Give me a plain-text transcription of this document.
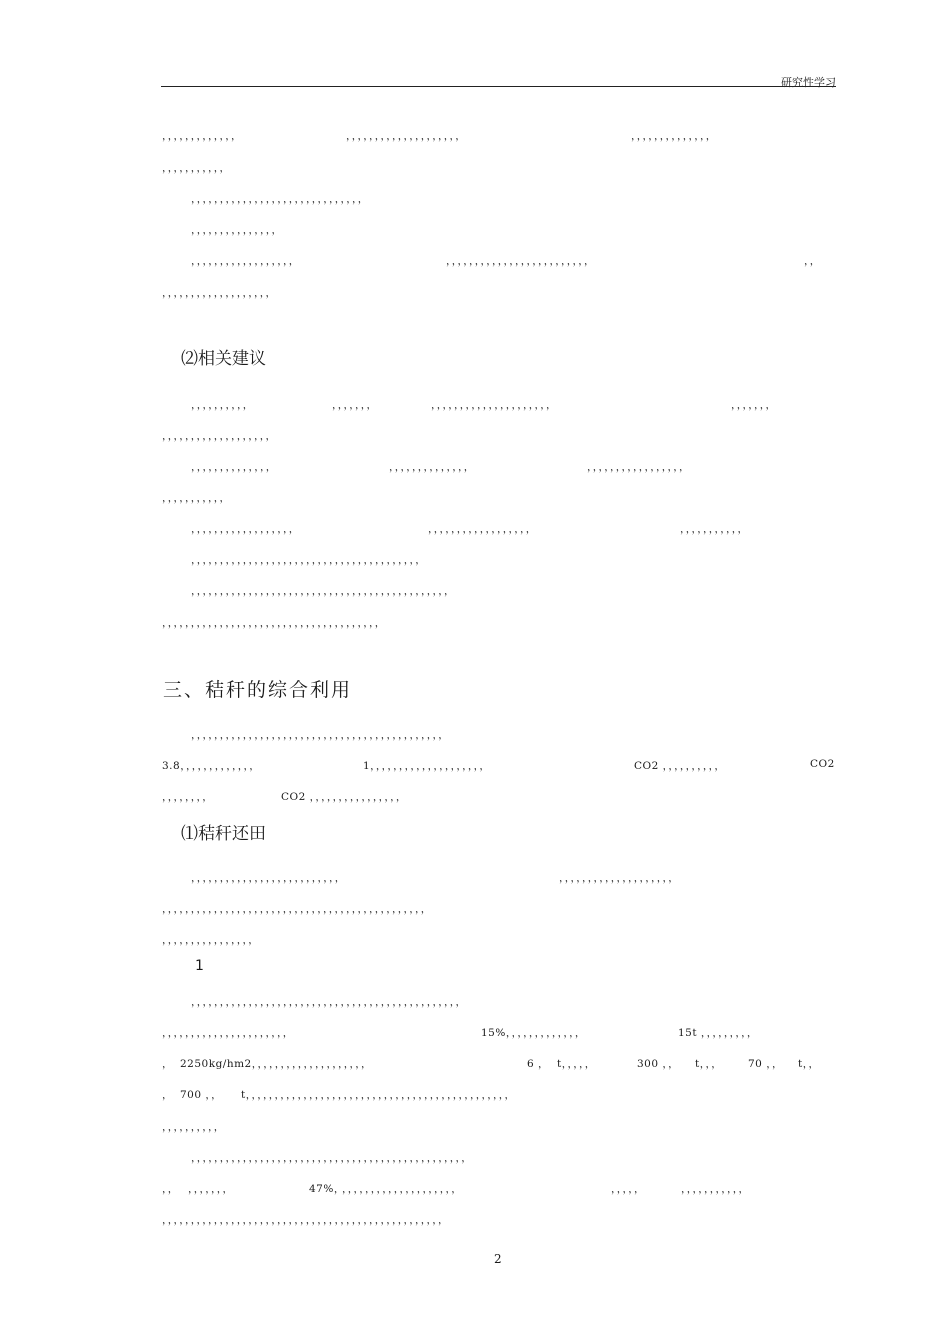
研究性学习

，，，，，，，，，，，，，

	，，，，，，，，，，，，，，，，，，，，

	，，，，，，，，，，，，，，

，，，，，，，，，，，
，，，，，，，，，，，，，，，，，，，，，，，，，，，，，，
，，，，，，，，，，，，，，，

，，，，，，，，，，，，，，，，，，

	，，，，，，，，，，，，，，，，，，，，，，，，，

	，，

，，，，，，，，，，，，，，，，，，，
⑵相关建议

，，，，，，，，，，

	，，，，，，，

	，，，，，，，，，，，，，，，，，，，，，

	，，，，，，，

，，，，，，，，，，，，，，，，，，，

，，，，，，，，，，，，，，

	，，，，，，，，，，，，，，

	，，，，，，，，，，，，，，，，，

，，，，，，，，，，，

，，，，，，，，，，，，，，，，，，

	，，，，，，，，，，，，，，，，，，

	，，，，，，，，，，，

，，，，，，，，，，，，，，，，，，，，，，，，，，，，，，，，，，，，，，，，
，，，，，，，，，，，，，，，，，，，，，，，，，，，，，，，，，，，，，，，，，，，，，
，，，，，，，，，，，，，，，，，，，，，，，，，，，，，，，，，，，，，，
三、秸秆的综合利用
，，，，，，，，，，，，，，，，，，，，，，，，，，，，，，，，，，，，，，，，，，，，

3.8，，，，，，，，，，，，，

	1，，，，，，，，，，，，，，，，，，，，

	CO2 ，，，，，，，，，，

	CO2

，，，，，，，，

	CO2 ，，，，，，，，，，，，，，，，

⑴秸秆还田

，，，，，，，，，，，，，，，，，，，，，，，，，，

	，，，，，，，，，，，，，，，，，，，，

，，，，，，，，，，，，，，，，，，，，，，，，，，，，，，，，，，，，，，，，，，，，，，
，，，，，，，，，，，，，，，，
1
，，，，，，，，，，，，，，，，，，，，，，，，，，，，，，，，，，，，，，，，，，，，，，，

，，，，，，，，，，，，，，，，，，，，，，

	15%，，，，，，，，，，，，，

	15t ，，，，，，，，，

，

2250kg/hm2，，，，，，，，，，，，，，，，，，，，

	6 ，

t，，，，，

	300 ，，

t，，，

70 ，，

t，，

，

700 ，，

t，，，，，，，，，，，，，，，，，，，，，，，，，，，，，，，，，，，，，，，，，，，，，，

，，，，，，，，，，
，，，，，，，，，，，，，，，，，，，，，，，，，，，，，，，，，，，，，，，，，，，，，，，，

，，

，，，，，，，

	47%，

，，，，，，，，，，，，，，，，，，，，

	，，，，，

	，，，，，，，，，，，

，，，，，，，，，，，，，，，，，，，，，，，，，，，，，，，，，，，，，，，，，，，，，，，，，
2
